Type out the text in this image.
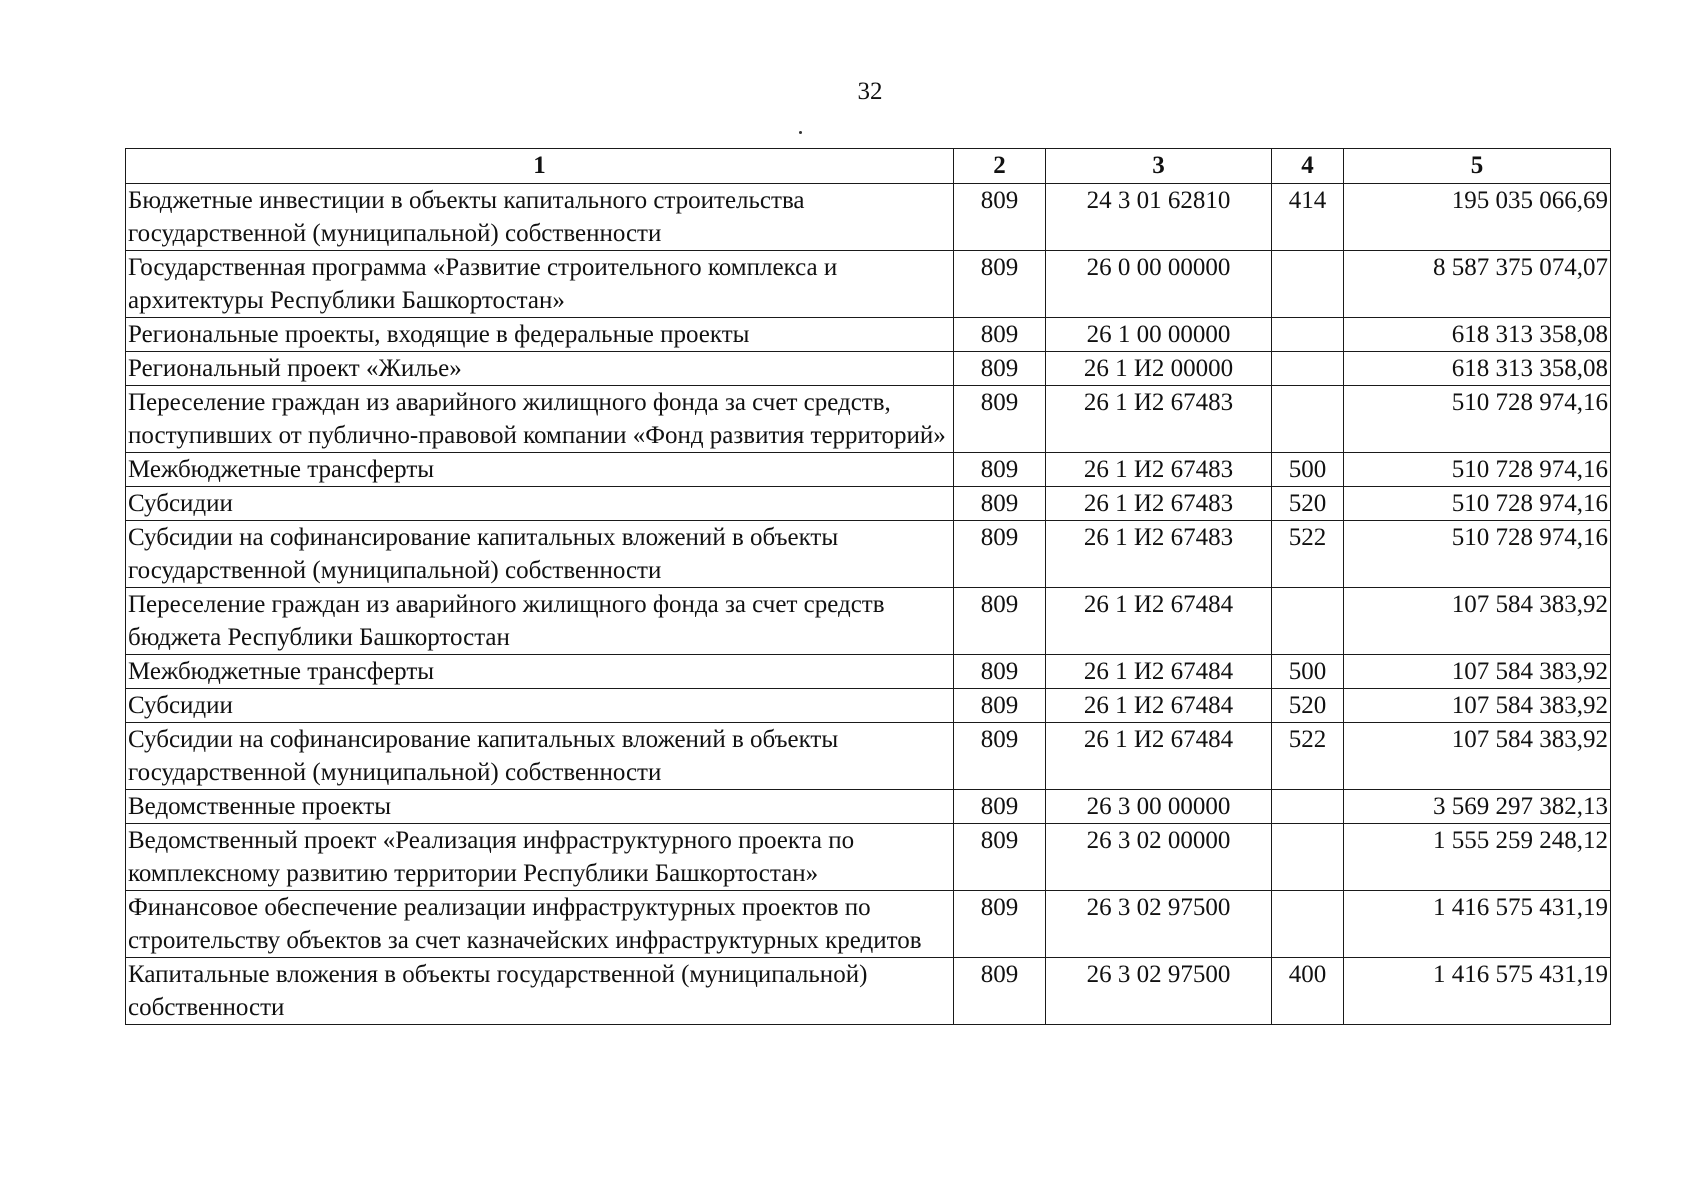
32
1	2	3	4	5
Бюджетные инвестиции в объекты капитального строительства государственной (муниципальной) собственности	809	24 3 01 62810	414	195 035 066,69
Государственная программа «Развитие строительного комплекса и архитектуры Республики Башкортостан»	809	26 0 00 00000		8 587 375 074,07
Региональные проекты, входящие в федеральные проекты	809	26 1 00 00000		618 313 358,08
Региональный проект «Жилье»	809	26 1 И2 00000		618 313 358,08
Переселение граждан из аварийного жилищного фонда за счет средств, поступивших от публично-правовой компании «Фонд развития территорий»	809	26 1 И2 67483		510 728 974,16
Межбюджетные трансферты	809	26 1 И2 67483	500	510 728 974,16
Субсидии	809	26 1 И2 67483	520	510 728 974,16
Субсидии на софинансирование капитальных вложений в объекты государственной (муниципальной) собственности	809	26 1 И2 67483	522	510 728 974,16
Переселение граждан из аварийного жилищного фонда за счет средств бюджета Республики Башкортостан	809	26 1 И2 67484		107 584 383,92
Межбюджетные трансферты	809	26 1 И2 67484	500	107 584 383,92
Субсидии	809	26 1 И2 67484	520	107 584 383,92
Субсидии на софинансирование капитальных вложений в объекты государственной (муниципальной) собственности	809	26 1 И2 67484	522	107 584 383,92
Ведомственные проекты	809	26 3 00 00000		3 569 297 382,13
Ведомственный проект «Реализация инфраструктурного проекта по комплексному развитию территории Республики Башкортостан»	809	26 3 02 00000		1 555 259 248,12
Финансовое обеспечение реализации инфраструктурных проектов по строительству объектов за счет казначейских инфраструктурных кредитов	809	26 3 02 97500		1 416 575 431,19
Капитальные вложения в объекты государственной (муниципальной) собственности	809	26 3 02 97500	400	1 416 575 431,19
